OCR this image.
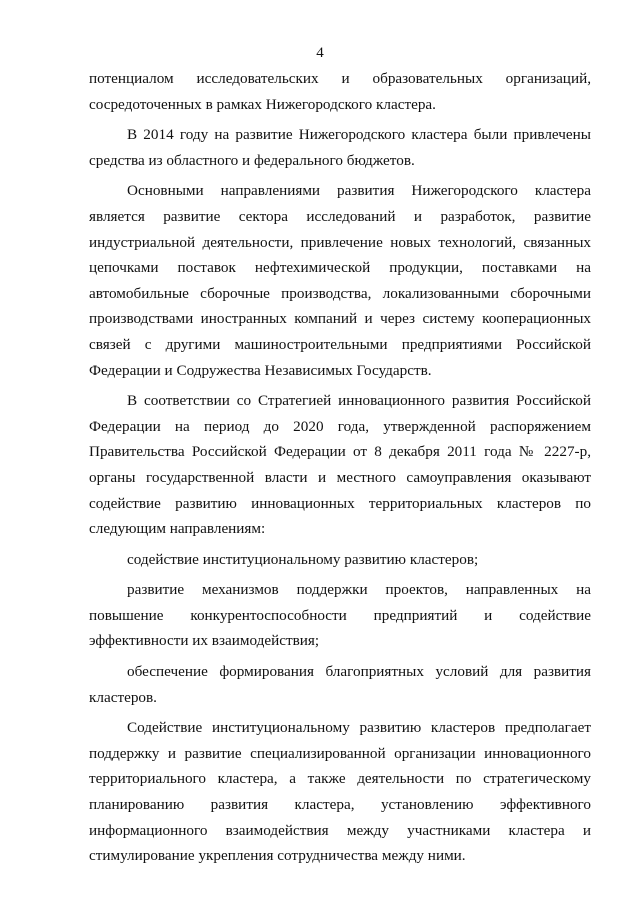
4
потенциалом исследовательских и образовательных организаций,
сосредоточенных в рамках Нижегородского кластера.
В 2014 году на развитие Нижегородского кластера были привлечены
средства из областного и федерального бюджетов.
Основными направлениями развития Нижегородского кластера
является развитие сектора исследований и разработок, развитие
индустриальной деятельности, привлечение новых технологий, связанных
цепочками поставок нефтехимической продукции, поставками на
автомобильные сборочные производства, локализованными сборочными
производствами иностранных компаний и через систему кооперационных
связей с другими машиностроительными предприятиями Российской
Федерации и Содружества Независимых Государств.
В соответствии со Стратегией инновационного развития Российской
Федерации на период до 2020 года, утвержденной распоряжением
Правительства Российской Федерации от 8 декабря 2011 года № 2227-р,
органы государственной власти и местного самоуправления оказывают
содействие развитию инновационных территориальных кластеров по
следующим направлениям:
содействие институциональному развитию кластеров;
развитие механизмов поддержки проектов, направленных на
повышение конкурентоспособности предприятий и содействие
эффективности их взаимодействия;
обеспечение формирования благоприятных условий для развития
кластеров.
Содействие институциональному развитию кластеров предполагает
поддержку и развитие специализированной организации инновационного
территориального кластера, а также деятельности по стратегическому
планированию развития кластера, установлению эффективного
информационного взаимодействия между участниками кластера и
стимулирование укрепления сотрудничества между ними.
